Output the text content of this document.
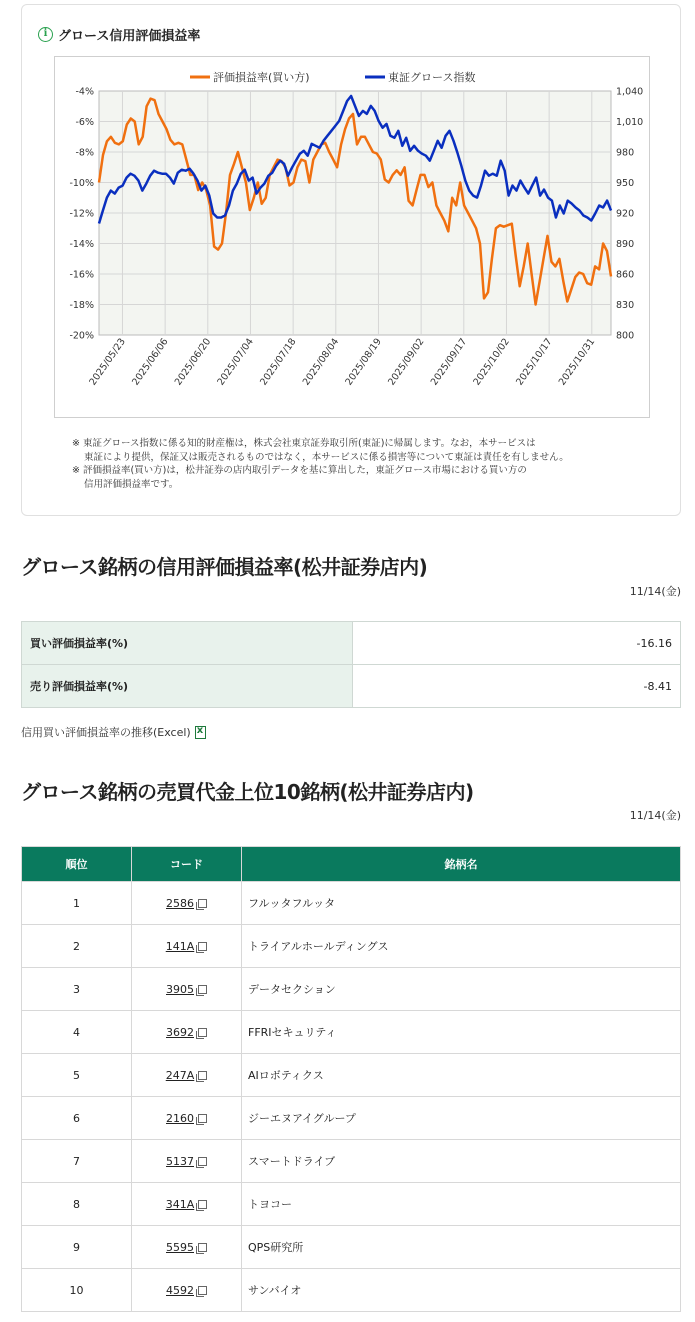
i グロース信用評価損益率
-4%
-6%
-8%
-10%
-12%
-14%
-16%
-18%
-20%
1,040
1,010
980
950
920
890
860
830
800
2025/05/23 2025/06/06 2025/06/20 2025/07/04 2025/07/18 2025/08/04 2025/08/19 2025/09/02 2025/09/17 2025/10/02 2025/10/17 2025/10/31
評価損益率(買い方)	東証グロース指数

※ 東証グロース指数に係る知的財産権は，株式会社東京証券取引所(東証)に帰属します。なお，本サービスは

東証により提供，保証又は販売されるものではなく，本サービスに係る損害等について東証は責任を有しません。

※ 評価損益率(買い方)は，松井証券の店内取引データを基に算出した，東証グロース市場における買い方の

信用評価損益率です。

グロース銘柄の信用評価損益率(松井証券店内)
11/14(金)
買い評価損益率(%)	-16.16
売り評価損益率(%)	-8.41
信用買い評価損益率の推移(Excel)
x
グロース銘柄の売買代金上位10銘柄(松井証券店内)
11/14(金)
順位	コード	銘柄名
1	2586	フルッタフルッタ
2	141A	トライアルホールディングス
3	3905	データセクション
4	3692	FFRIセキュリティ
5	247A	AIロボティクス
6	2160	ジーエヌアイグループ
7	5137	スマートドライブ
8	341A	トヨコー
9	5595	QPS研究所
10	4592	サンバイオ
